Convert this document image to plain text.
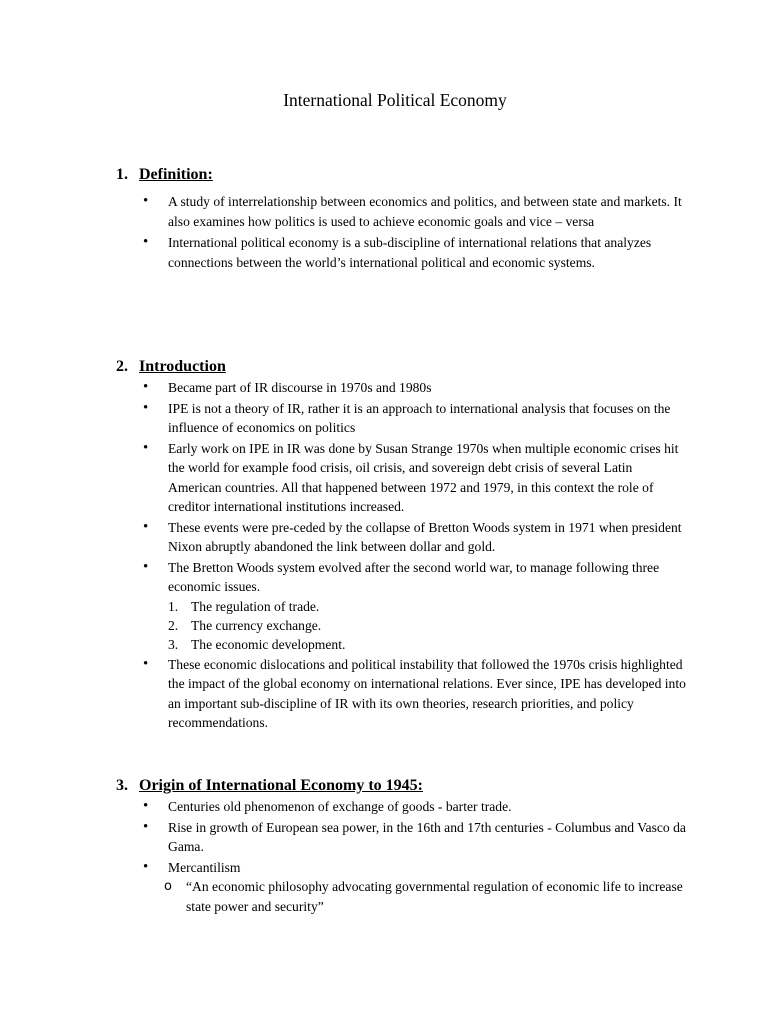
International Political Economy
1. Definition:
• A study of interrelationship between economics and politics, and between state and markets. It also examines how politics is used to achieve economic goals and vice – versa
• International political economy is a sub-discipline of international relations that analyzes connections between the world’s international political and economic systems.
2. Introduction
• Became part of IR discourse in 1970s and 1980s
• IPE is not a theory of IR, rather it is an approach to international analysis that focuses on the influence of economics on politics
• Early work on IPE in IR was done by Susan Strange 1970s when multiple economic crises hit the world for example food crisis, oil crisis, and sovereign debt crisis of several Latin American countries. All that happened between 1972 and 1979, in this context the role of creditor international institutions increased.
• These events were pre-ceded by the collapse of Bretton Woods system in 1971 when president Nixon abruptly abandoned the link between dollar and gold.
• The Bretton Woods system evolved after the second world war, to manage following three economic issues.
1. The regulation of trade.
2. The currency exchange.
3. The economic development.
• These economic dislocations and political instability that followed the 1970s crisis highlighted the impact of the global economy on international relations. Ever since, IPE has developed into an important sub-discipline of IR with its own theories, research priorities, and policy recommendations.
3. Origin of International Economy to 1945:
• Centuries old phenomenon of exchange of goods - barter trade.
• Rise in growth of European sea power, in the 16th and 17th centuries - Columbus and Vasco da Gama.
• Mercantilism
o “An economic philosophy advocating governmental regulation of economic life to increase state power and security”
